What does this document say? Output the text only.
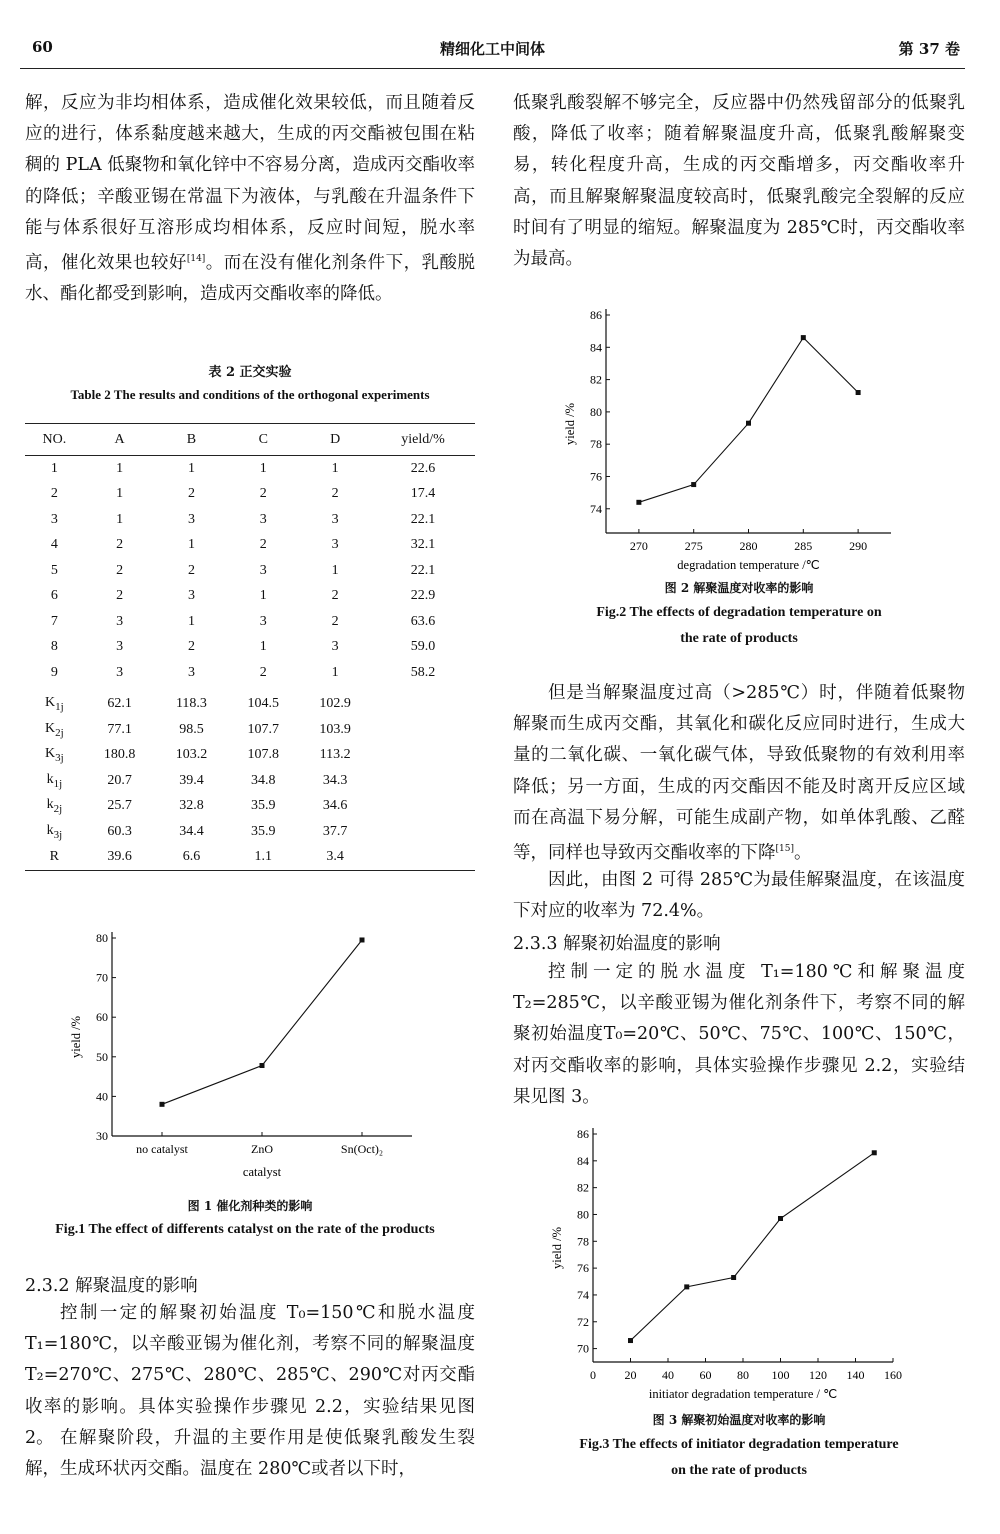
60	精细化工中间体	第 37 卷

解，反应为非均相体系，造成催化效果较低，而且随着反应的进行，体系黏度越来越大，生成的丙交酯被包围在粘稠的 PLA 低聚物和氧化锌中不容易分离，造成丙交酯收率的降低；辛酸亚锡在常温下为液体，与乳酸在升温条件下能与体系很好互溶形成均相体系，反应时间短，脱水率高，催化效果也较好[14]。而在没有催化剂条件下，乳酸脱水、酯化都受到影响，造成丙交酯收率的降低。

表 2 正交实验
Table 2 The results and conditions of the orthogonal experiments
NO.	A	B	C	D	yield/%
1	1	1	1	1	22.6
2	1	2	2	2	17.4
3	1	3	3	3	22.1
4	2	1	2	3	32.1
5	2	2	3	1	22.1
6	2	3	1	2	22.9
7	3	1	3	2	63.6
8	3	2	1	3	59.0
9	3	3	2	1	58.2
$K_{1j}$	62.1	118.3	104.5	102.9	
$K_{2j}$	77.1	98.5	107.7	103.9	
$K_{3j}$	180.8	103.2	107.8	113.2	
$k_{1j}$	20.7	39.4	34.8	34.3	
$k_{2j}$	25.7	32.8	35.9	34.6	
$k_{3j}$	60.3	34.4	35.9	37.7	
R	39.6	6.6	1.1	3.4	
30
40
50
60
70
80
no catalyst	ZnO	Sn(Oct)₂
catalyst
yield /%
图 1 催化剂种类的影响
Fig.1 The effect of differents catalyst on the rate of the products
2.3.2 解聚温度的影响

控制一定的解聚初始温度 T₀=150℃和脱水温度 T₁=180℃，以辛酸亚锡为催化剂，考察不同的解聚温度 T₂=270℃、275℃、280℃、285℃、290℃对丙交酯收率的影响。具体实验操作步骤见 2.2，实验结果见图 2。 在解聚阶段，升温的主要作用是使低聚乳酸发生裂解，生成环状丙交酯。温度在 280℃或者以下时，

低聚乳酸裂解不够完全，反应器中仍然残留部分的低聚乳酸，降低了收率；随着解聚温度升高，低聚乳酸解聚变易，转化程度升高，生成的丙交酯增多，丙交酯收率升高，而且解聚解聚温度较高时，低聚乳酸完全裂解的反应时间有了明显的缩短。解聚温度为 285℃时，丙交酯收率为最高。

74
76
78
80
82
84
86
270	275	280	285	290
degradation temperature /℃
yield /%
图 2 解聚温度对收率的影响
Fig.2 The effects of degradation temperature on
the rate of products

但是当解聚温度过高（>285℃）时，伴随着低聚物解聚而生成丙交酯，其氧化和碳化反应同时进行，生成大量的二氧化碳、一氧化碳气体，导致低聚物的有效利用率降低；另一方面，生成的丙交酯因不能及时离开反应区域而在高温下易分解，可能生成副产物，如单体乳酸、乙醛等，同样也导致丙交酯收率的下降[15]。

因此，由图 2 可得 285℃为最佳解聚温度，在该温度下对应的收率为 72.4%。

2.3.3 解聚初始温度的影响

控制一定的脱水温度 T₁=180℃和解聚温度 T₂=285℃，以辛酸亚锡为催化剂条件下，考察不同的解聚初始温度T₀=20℃、50℃、75℃、100℃、150℃，对丙交酯收率的影响，具体实验操作步骤见 2.2，实验结果见图 3。

70
72
74
76
78
80
82
84
86
0 20 40 60 80 100 120 140 160
initiator degradation temperature / ℃
yield /%
图 3 解聚初始温度对收率的影响
Fig.3 The effects of initiator degradation temperature
on the rate of products
